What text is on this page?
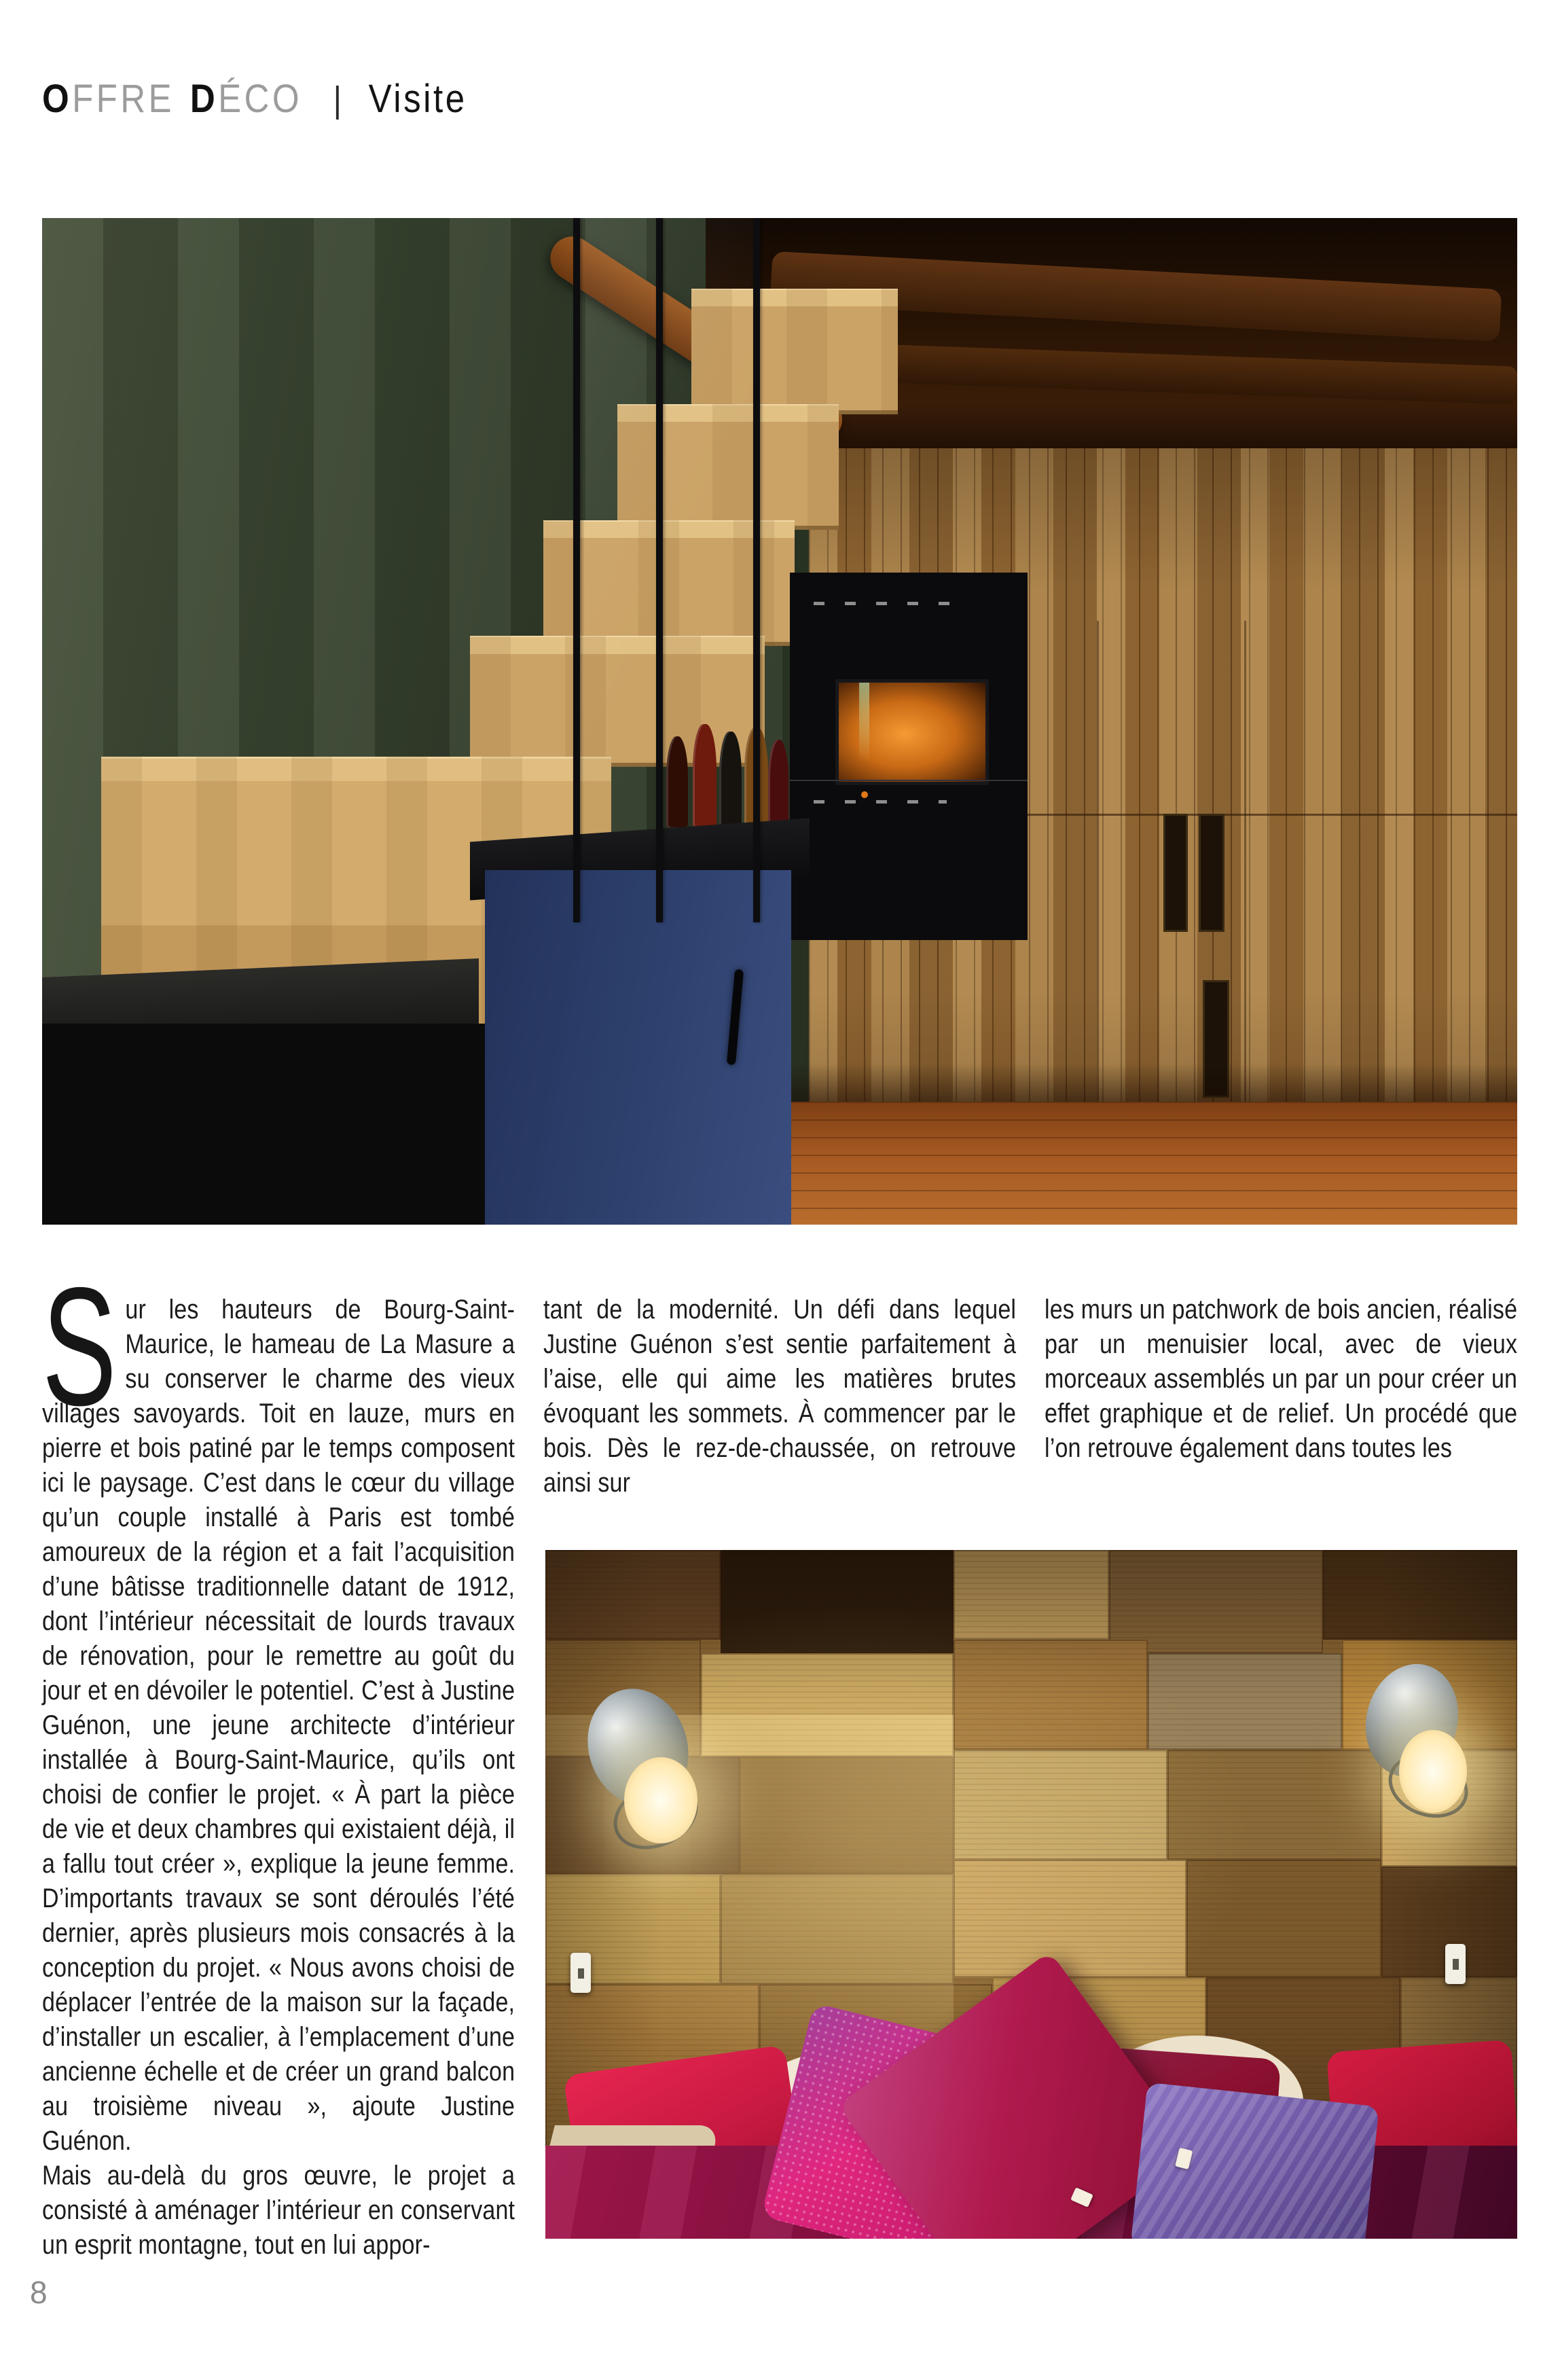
OFFRE DÉCO | Visite

Sur les hauteurs de Bourg-Saint-Maurice, le hameau de La Masure a su conserver le charme des vieux villages savoyards. Toit en lauze, murs en pierre et bois patiné par le temps composent ici le paysage. C’est dans le cœur du village qu’un couple installé à Paris est tombé amoureux de la région et a fait l’acquisition d’une bâtisse traditionnelle datant de 1912, dont l’intérieur nécessitait de lourds travaux de rénovation, pour le remettre au goût du jour et en dévoiler le potentiel. C’est à Justine Guénon, une jeune architecte d’intérieur installée à Bourg-Saint-Maurice, qu’ils ont choisi de confier le projet. « À part la pièce de vie et deux chambres qui existaient déjà, il a fallu tout créer », explique la jeune femme. D’importants travaux se sont déroulés l’été dernier, après plusieurs mois consacrés à la conception du projet. « Nous avons choisi de déplacer l’entrée de la maison sur la façade, d’installer un escalier, à l’emplacement d’une ancienne échelle et de créer un grand balcon au troisième niveau », ajoute Justine Guénon.

Mais au-delà du gros œuvre, le projet a consisté à aménager l’intérieur en conservant un esprit montagne, tout en lui appor-

tant de la modernité. Un défi dans lequel Justine Guénon s’est sentie parfaitement à l’aise, elle qui aime les matières brutes évoquant les sommets. À commencer par le bois. Dès le rez-de-chaussée, on retrouve ainsi sur

les murs un patchwork de bois ancien, réalisé par un menuisier local, avec de vieux morceaux assemblés un par un pour créer un effet graphique et de relief. Un procédé que l’on retrouve également dans toutes les

8
